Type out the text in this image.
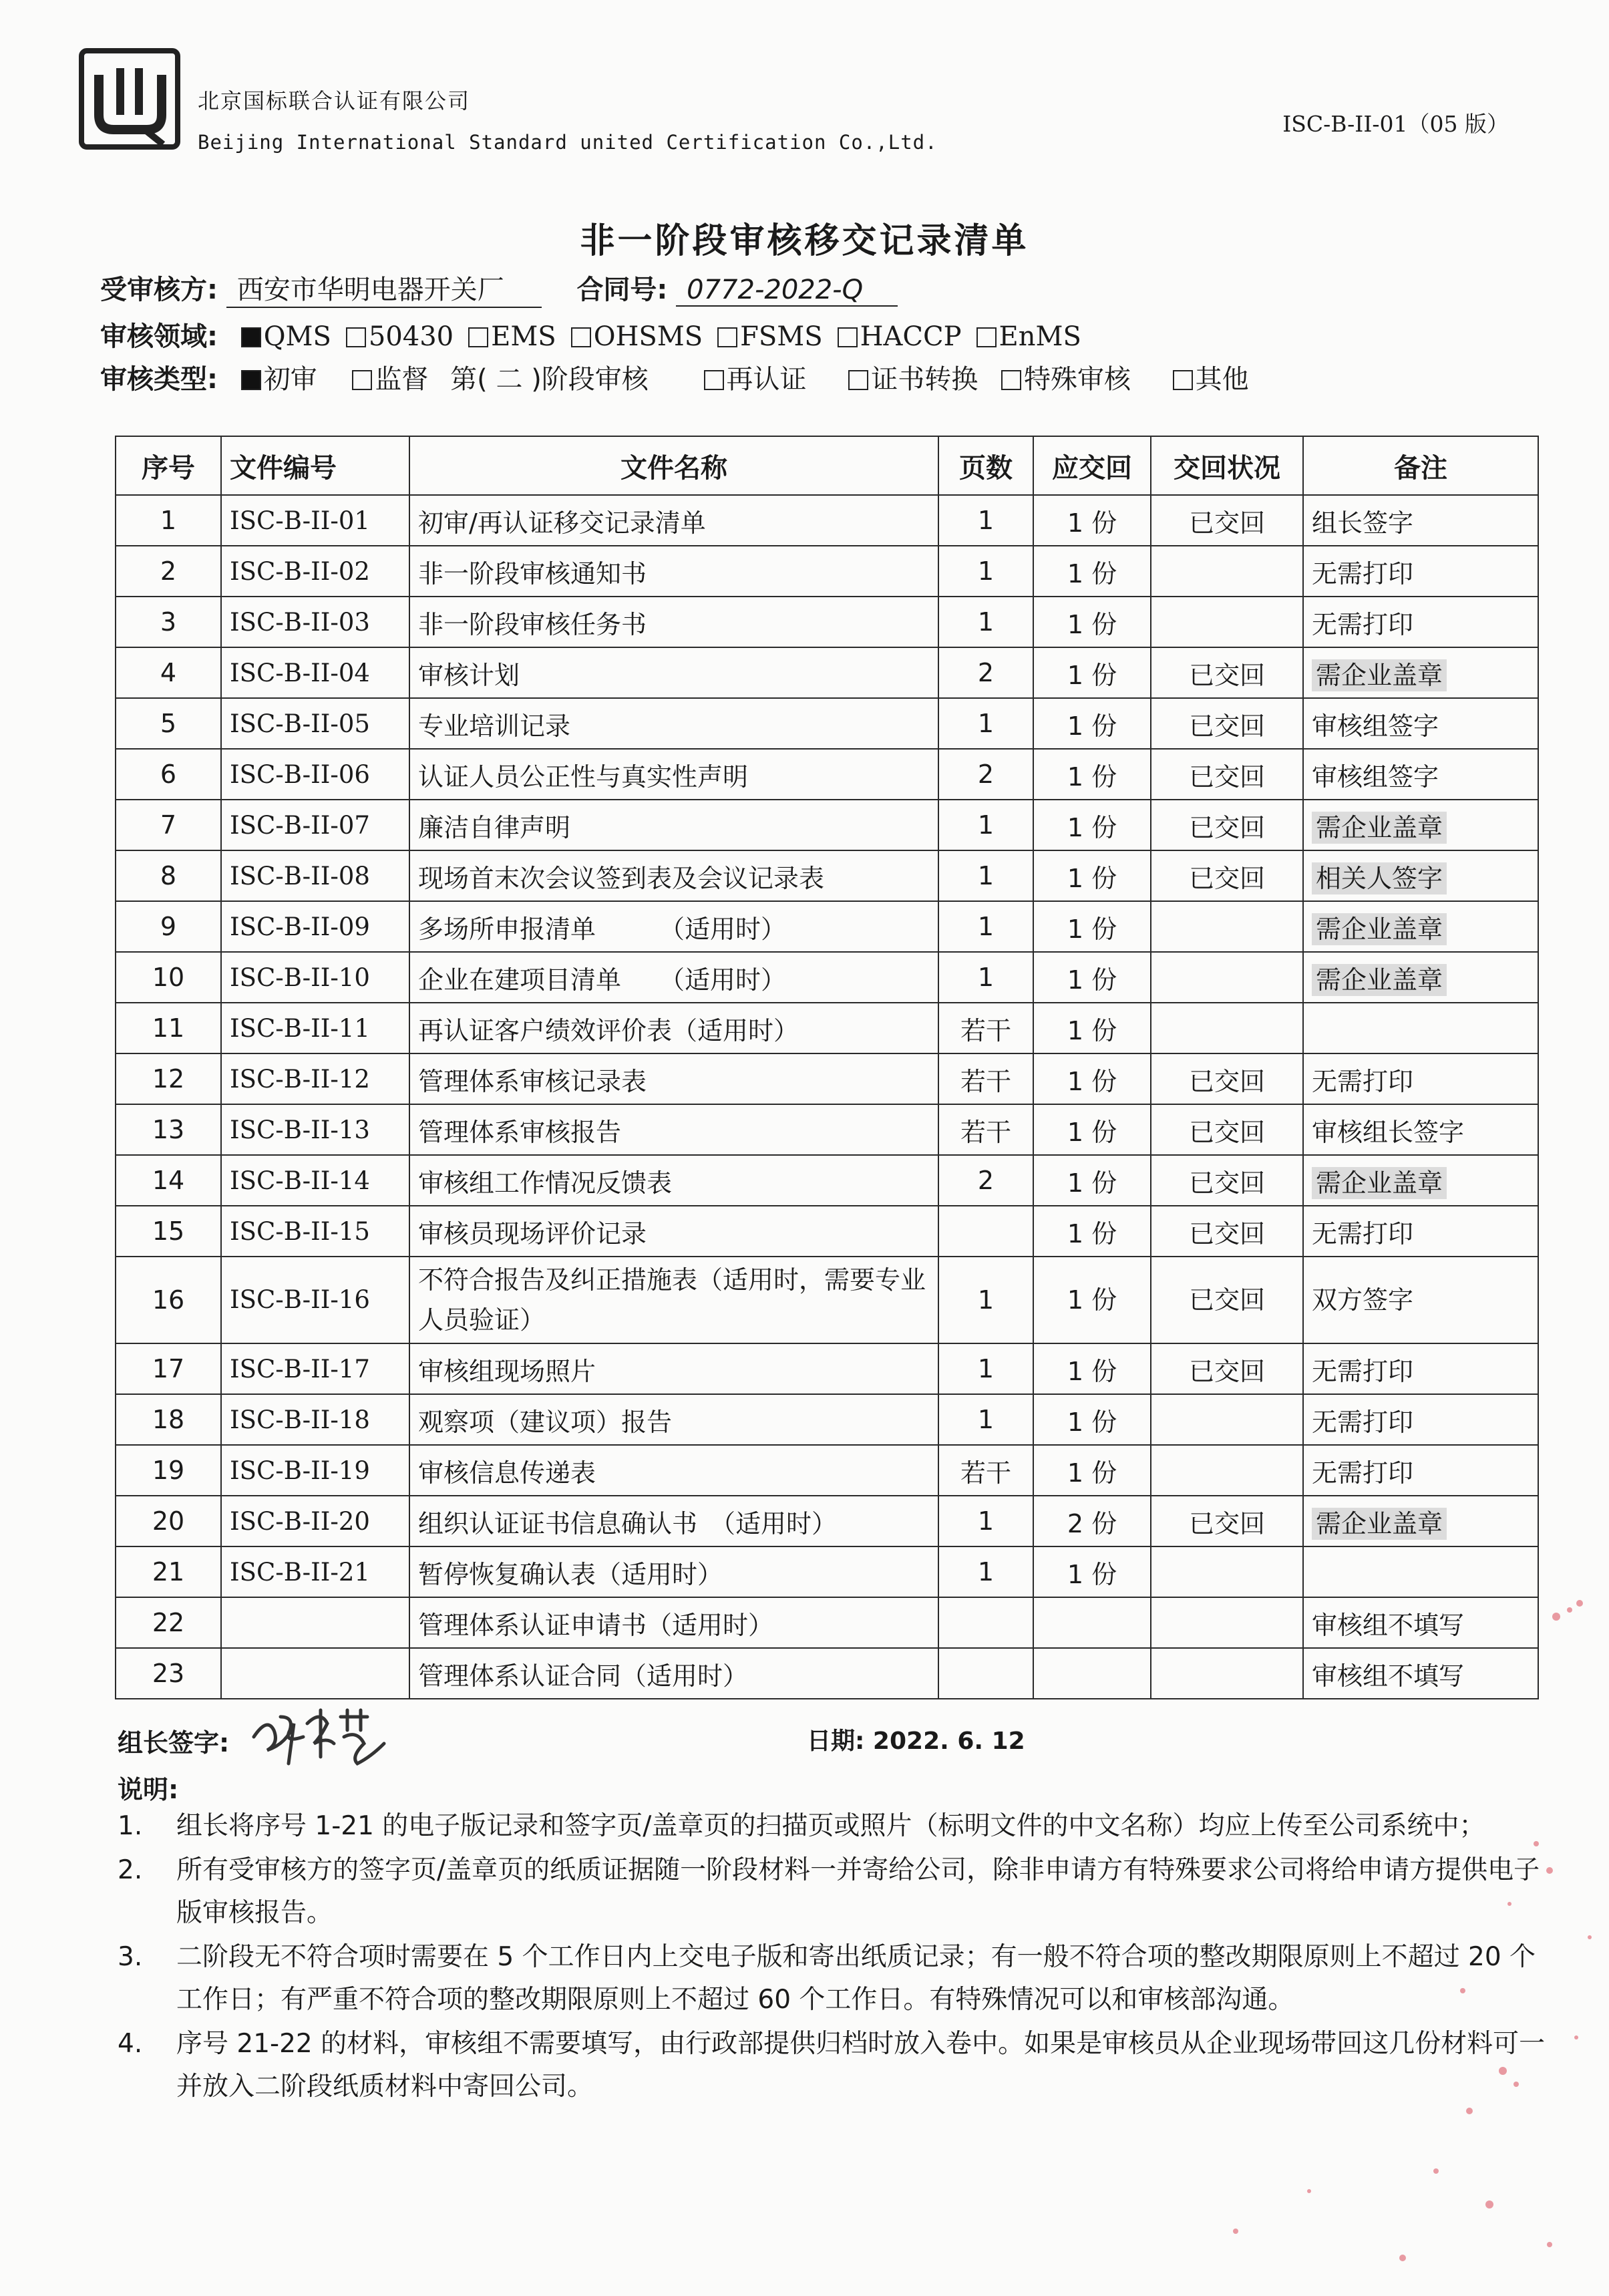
北京国标联合认证有限公司
Beijing International Standard united Certification Co.,Ltd.
ISC-B-II-01（05 版）
非一阶段审核移交记录清单
受审核方: 西安市华明电器开关厂	合同号: 0772-2022-Q
审核领域: QMS 50430 EMS OHSMS FSMS HACCP EnMS
审核类型: 初审 监督 第( 二 )阶段审核	再认证 证书转换 特殊审核 其他
序号	文件编号	文件名称	页数	应交回	交回状况	备注
1	ISC-B-II-01	初审/再认证移交记录清单	1	1 份	已交回	组长签字
2	ISC-B-II-02	非一阶段审核通知书	1	1 份		无需打印
3	ISC-B-II-03	非一阶段审核任务书	1	1 份		无需打印
4	ISC-B-II-04	审核计划	2	1 份	已交回	需企业盖章
5	ISC-B-II-05	专业培训记录	1	1 份	已交回	审核组签字
6	ISC-B-II-06	认证人员公正性与真实性声明	2	1 份	已交回	审核组签字
7	ISC-B-II-07	廉洁自律声明	1	1 份	已交回	需企业盖章
8	ISC-B-II-08	现场首末次会议签到表及会议记录表	1	1 份	已交回	相关人签字
9	ISC-B-II-09	多场所申报清单　　　（适用时）	1	1 份		需企业盖章
10	ISC-B-II-10	企业在建项目清单　　（适用时）	1	1 份		需企业盖章
11	ISC-B-II-11	再认证客户绩效评价表（适用时）	若干	1 份		
12	ISC-B-II-12	管理体系审核记录表	若干	1 份	已交回	无需打印
13	ISC-B-II-13	管理体系审核报告	若干	1 份	已交回	审核组长签字
14	ISC-B-II-14	审核组工作情况反馈表	2	1 份	已交回	需企业盖章
15	ISC-B-II-15	审核员现场评价记录		1 份	已交回	无需打印
16	ISC-B-II-16	不符合报告及纠正措施表（适用时，需要专业人员验证）	1	1 份	已交回	双方签字
17	ISC-B-II-17	审核组现场照片	1	1 份	已交回	无需打印
18	ISC-B-II-18	观察项（建议项）报告	1	1 份		无需打印
19	ISC-B-II-19	审核信息传递表	若干	1 份		无需打印
20	ISC-B-II-20	组织认证证书信息确认书　（适用时）	1	2 份	已交回	需企业盖章
21	ISC-B-II-21	暂停恢复确认表（适用时）	1	1 份		
22		管理体系认证申请书（适用时）				审核组不填写
23		管理体系认证合同（适用时）				审核组不填写
组长签字:	日期: 2022. 6. 12
说明:
1.	组长将序号 1-21 的电子版记录和签字页/盖章页的扫描页或照片（标明文件的中文名称）均应上传至公司系统中；
2.	所有受审核方的签字页/盖章页的纸质证据随一阶段材料一并寄给公司，除非申请方有特殊要求公司将给申请方提供电子版审核报告。
3.	二阶段无不符合项时需要在 5 个工作日内上交电子版和寄出纸质记录；有一般不符合项的整改期限原则上不超过 20 个工作日；有严重不符合项的整改期限原则上不超过 60 个工作日。有特殊情况可以和审核部沟通。
4.	序号 21-22 的材料，审核组不需要填写，由行政部提供归档时放入卷中。如果是审核员从企业现场带回这几份材料可一并放入二阶段纸质材料中寄回公司。
